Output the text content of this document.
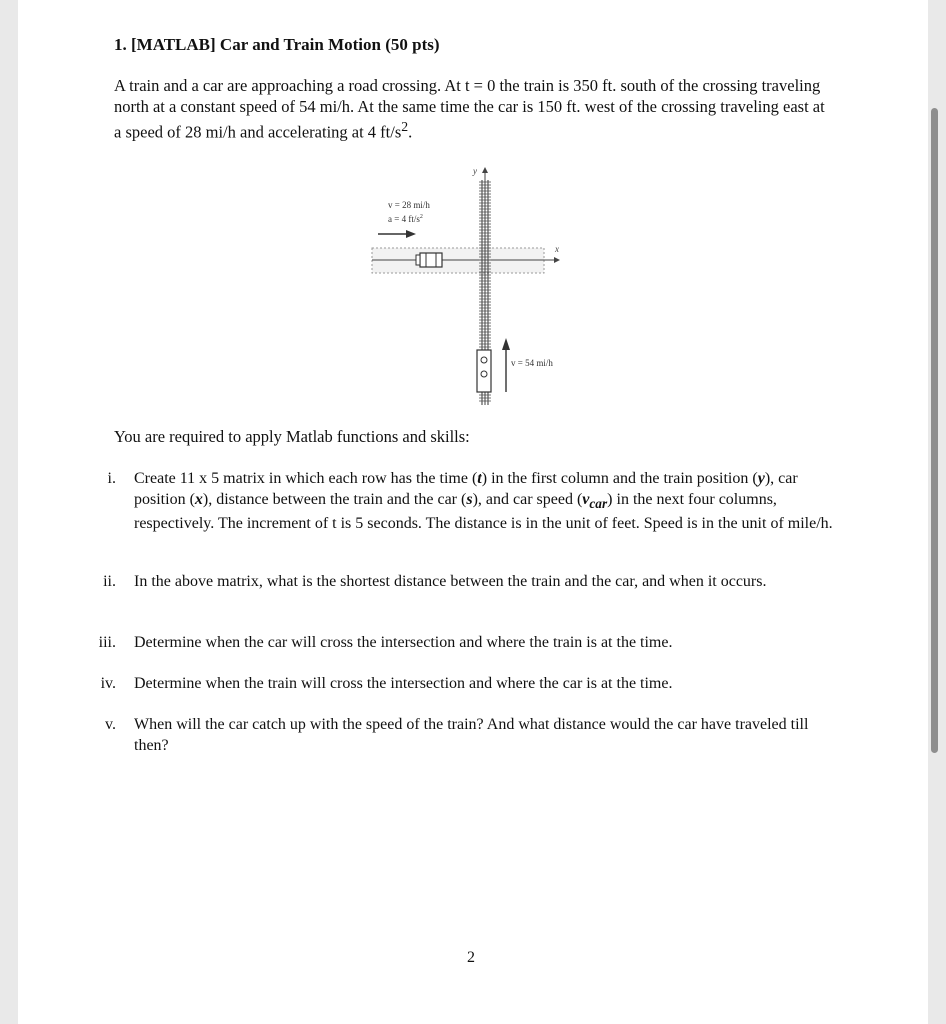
1. [MATLAB] Car and Train Motion (50 pts)
A train and a car are approaching a road crossing. At t = 0 the train is 350 ft. south of the crossing traveling north at a constant speed of 54 mi/h. At the same time the car is 150 ft. west of the crossing traveling east at a speed of 28 mi/h and accelerating at 4 $ft/s^2$.
x
y
v = 28 mi/h
a = 4 $ft/s^2$
v = 54 mi/h
You are required to apply Matlab functions and skills:
i. Create 11 x 5 matrix in which each row has the time (t) in the first column and the train position (y), car position (x), distance between the train and the car (s), and car speed $(v_{car})$ in the next four columns, respectively. The increment of t is 5 seconds. The distance is in the unit of feet. Speed is in the unit of mile/h.
ii. In the above matrix, what is the shortest distance between the train and the car, and when it occurs.
iii. Determine when the car will cross the intersection and where the train is at the time.
iv. Determine when the train will cross the intersection and where the car is at the time.
v. When will the car catch up with the speed of the train? And what distance would the car have traveled till then?
2
